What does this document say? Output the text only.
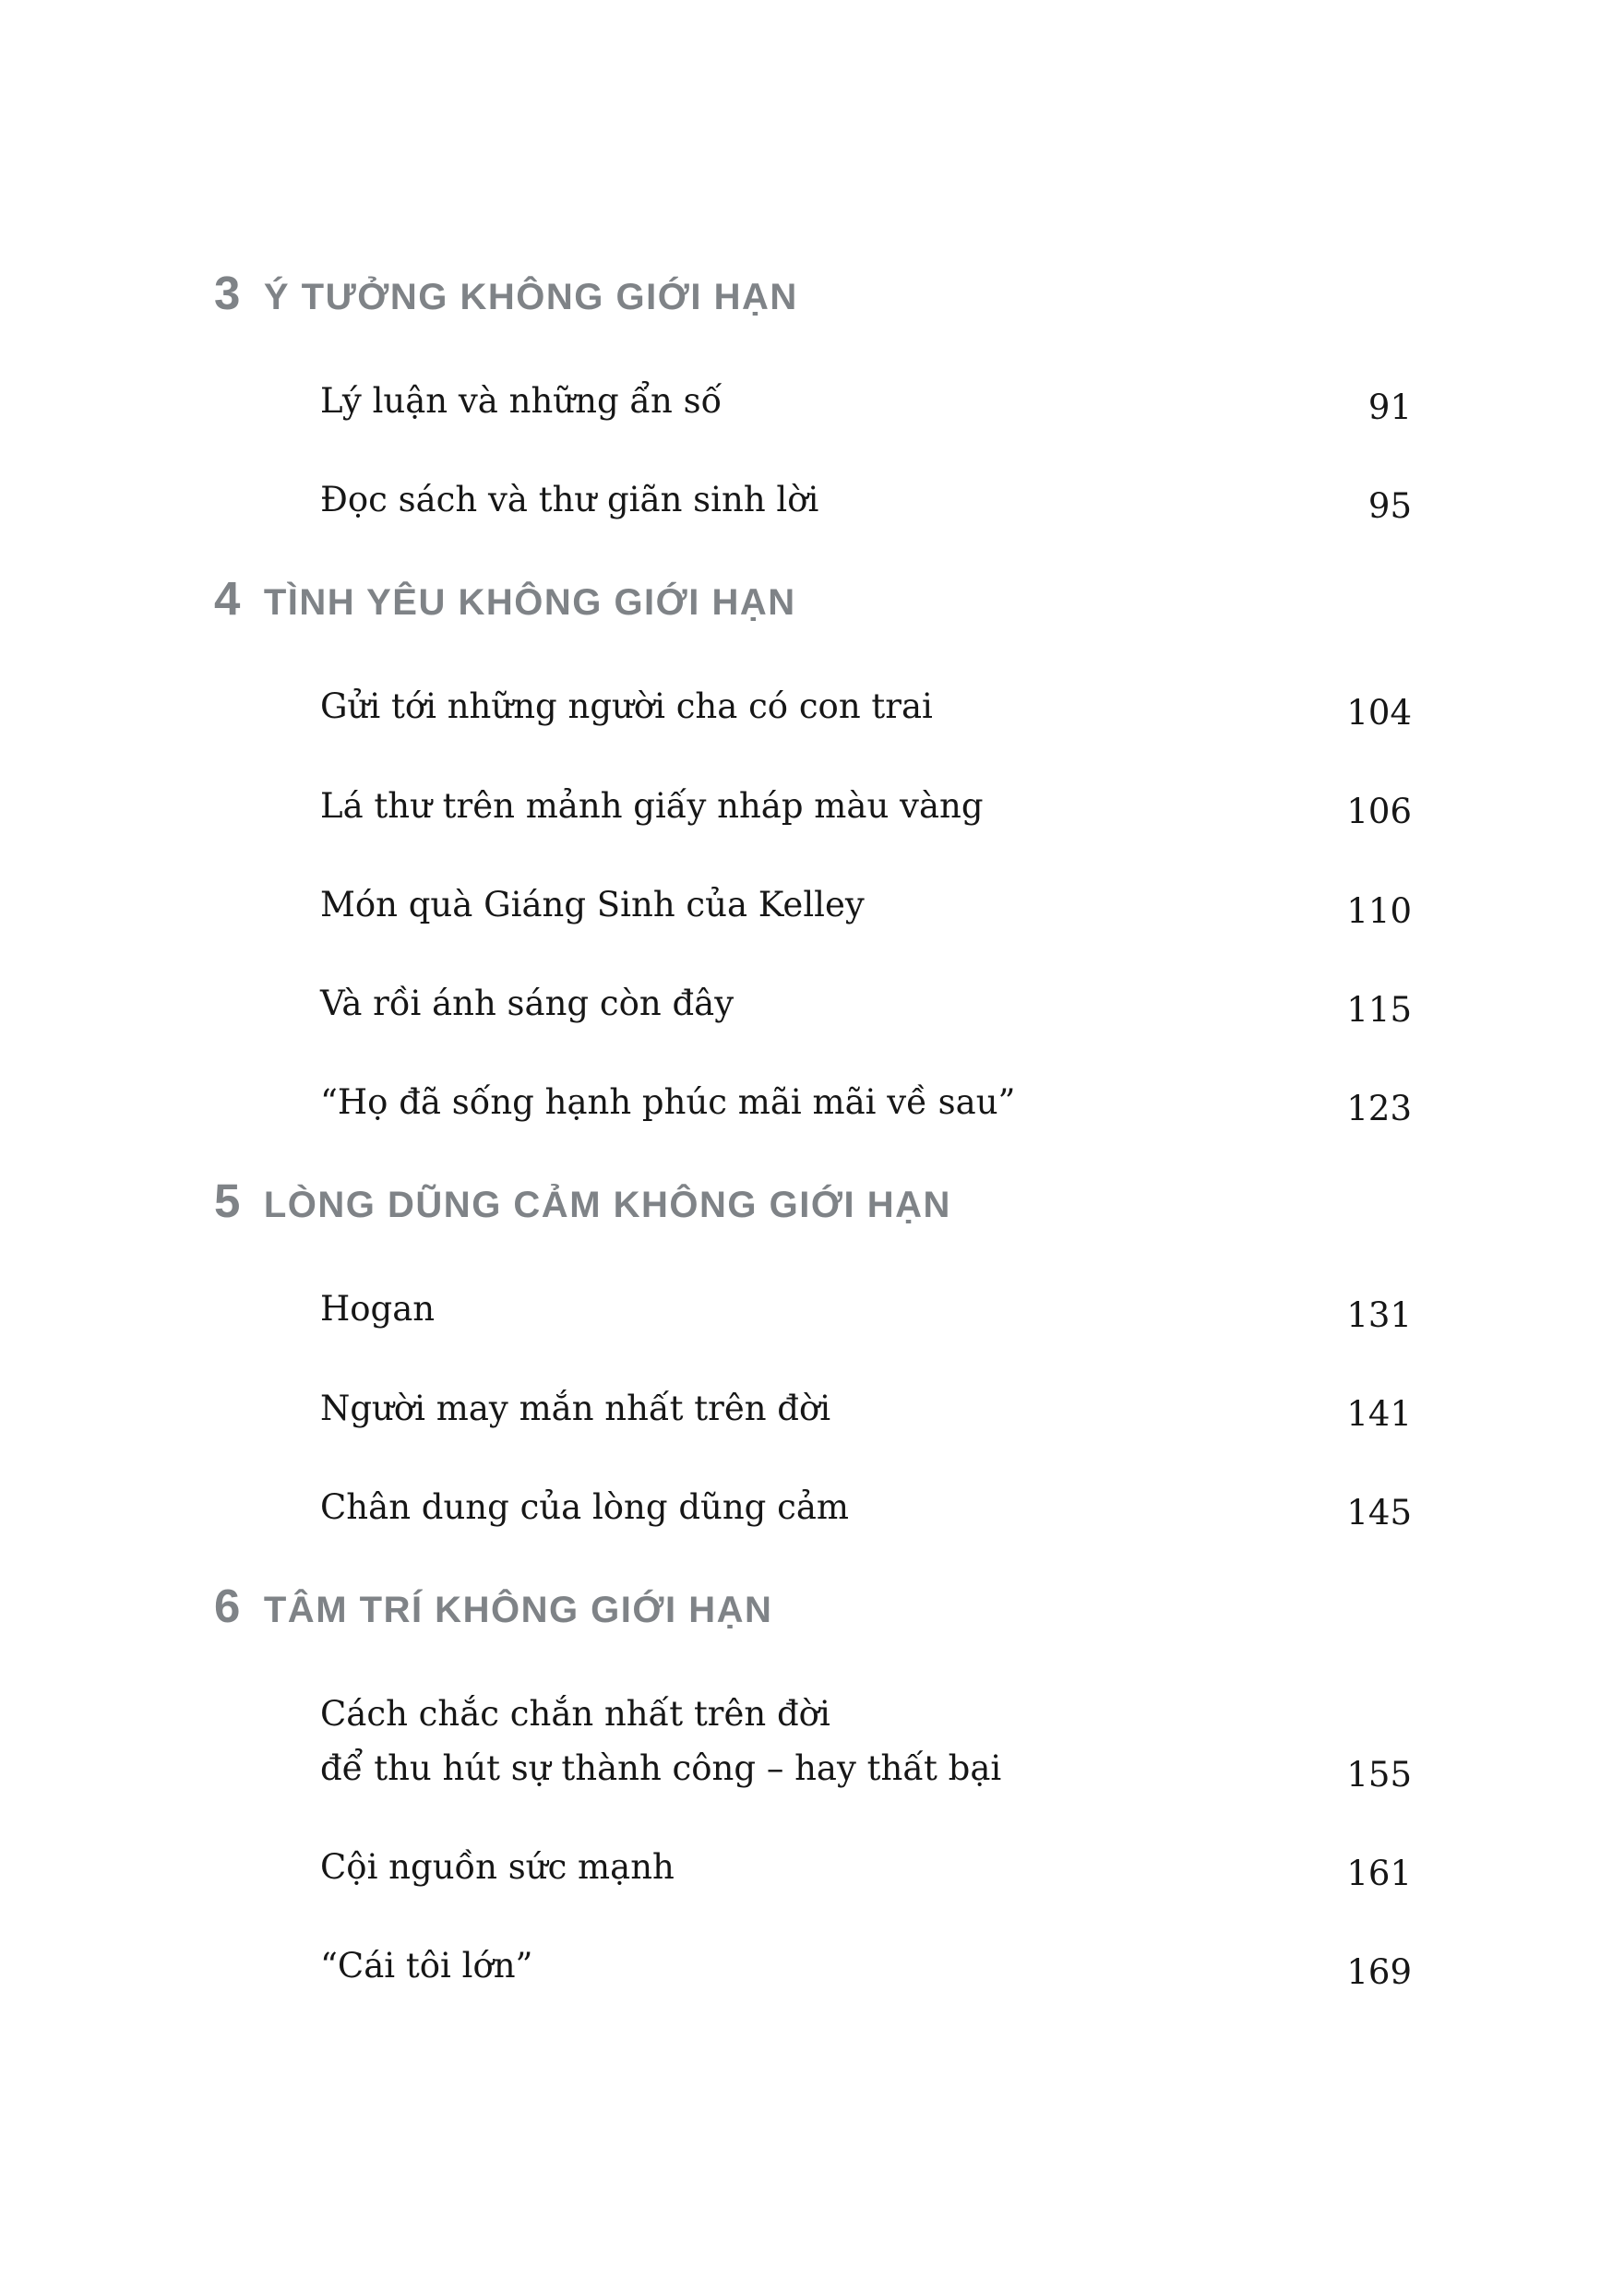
3 Ý TƯỞNG KHÔNG GIỚI HẠN
Lý luận và những ẩn số	91
Đọc sách và thư giãn sinh lời	95
4 TÌNH YÊU KHÔNG GIỚI HẠN
Gửi tới những người cha có con trai	104
Lá thư trên mảnh giấy nháp màu vàng	106
Món quà Giáng Sinh của Kelley	110
Và rồi ánh sáng còn đây	115
“Họ đã sống hạnh phúc mãi mãi về sau”	123
5 LÒNG DŨNG CẢM KHÔNG GIỚI HẠN
Hogan	131
Người may mắn nhất trên đời	141
Chân dung của lòng dũng cảm	145
6 TÂM TRÍ KHÔNG GIỚI HẠN
Cách chắc chắn nhất trên đời
để thu hút sự thành công – hay thất bại	155
Cội nguồn sức mạnh	161
“Cái tôi lớn”	169
